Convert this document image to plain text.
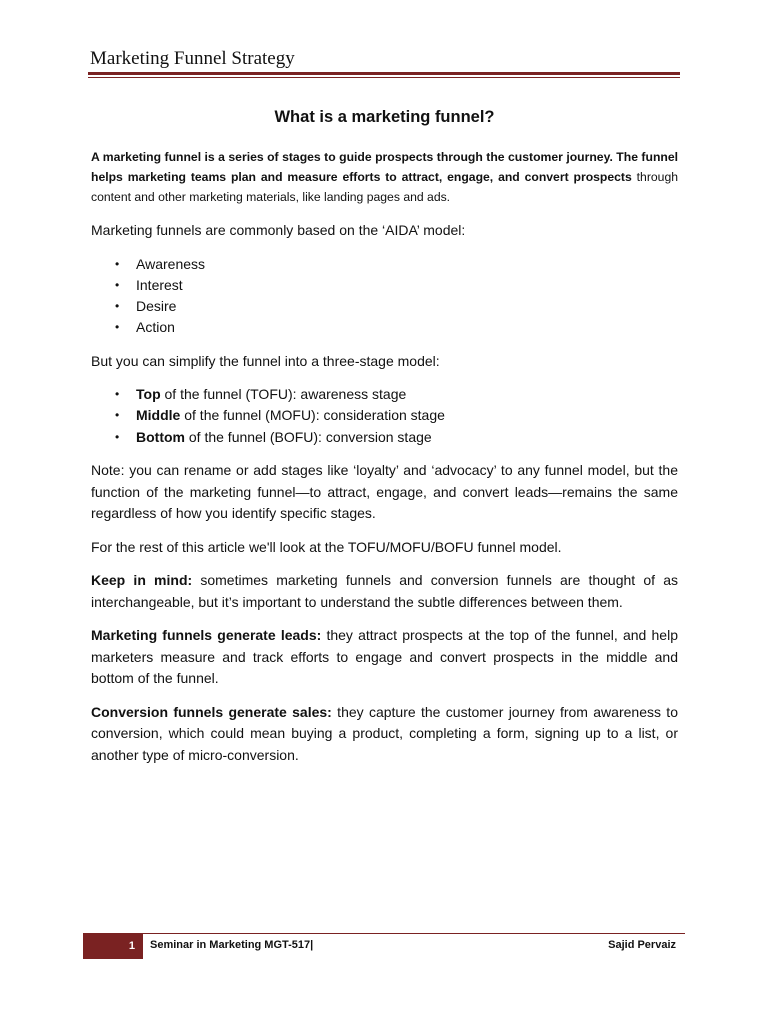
Marketing Funnel Strategy
What is a marketing funnel?

A marketing funnel is a series of stages to guide prospects through the customer journey. The funnel helps marketing teams plan and measure efforts to attract, engage, and convert prospects through content and other marketing materials, like landing pages and ads.

Marketing funnels are commonly based on the ‘AIDA’ model:

• Awareness
• Interest
• Desire
• Action

But you can simplify the funnel into a three-stage model:

• Top of the funnel (TOFU): awareness stage
• Middle of the funnel (MOFU): consideration stage
• Bottom of the funnel (BOFU): conversion stage

Note: you can rename or add stages like ‘loyalty’ and ‘advocacy’ to any funnel model, but the function of the marketing funnel—to attract, engage, and convert leads—remains the same regardless of how you identify specific stages.

For the rest of this article we'll look at the TOFU/MOFU/BOFU funnel model.

Keep in mind: sometimes marketing funnels and conversion funnels are thought of as interchangeable, but it’s important to understand the subtle differences between them.

Marketing funnels generate leads: they attract prospects at the top of the funnel, and help marketers measure and track efforts to engage and convert prospects in the middle and bottom of the funnel.

Conversion funnels generate sales: they capture the customer journey from awareness to conversion, which could mean buying a product, completing a form, signing up to a list, or another type of micro-conversion.

1	Seminar in Marketing MGT-517|	Sajid Pervaiz
